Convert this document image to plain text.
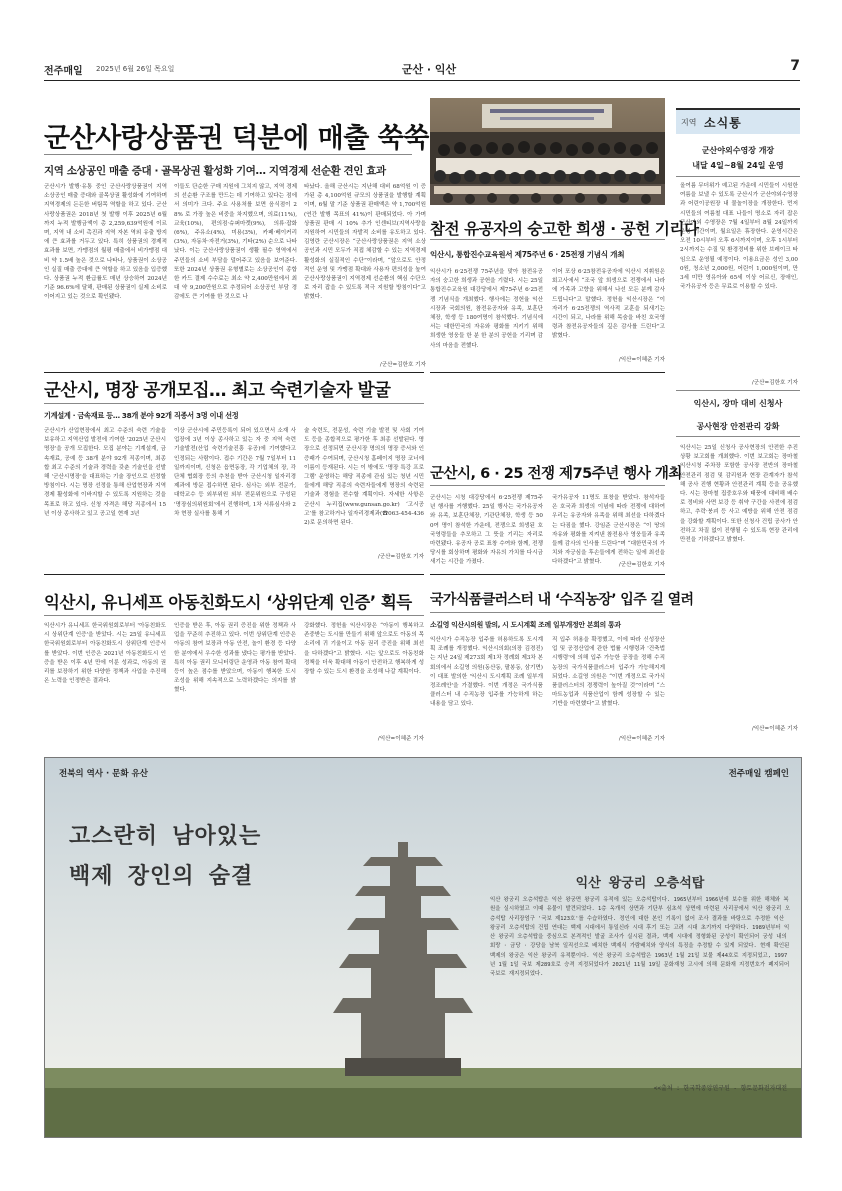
전주매일 2025년 6월 26일 목요일	군산 · 익산	7
군산사랑상품권 덕분에 매출 쑥쑥
지역 소상공인 매출 증대 · 골목상권 활성화 기여… 지역경제 선순환 견인 효과
군산시가 발행·유통 중인 군산사랑상품권이 지역 소상공인 매출 증대와 골목상권 활성화에 기여하며 지역경제의 든든한 버팀목 역할을 하고 있다. 군산사랑상품권은 2018년 첫 발행 이후 2025년 6월까지 누적 발행금액이 총 2,259,639억원에 이르며, 지역 내 소비 촉진과 지역 자본 역외 유출 방지에 큰 효과를 거두고 있다. 특히 상품권의 경제적 효과를 보면, 가맹점의 월평 매출에서 비가맹점 대비 약 1.5배 높은 것으로 나타나, 상품권이 소상공인 실질 매출 증대에 큰 역할을 하고 있음을 입증했다. 상품권 누적 환급률도 매년 상승하여 2024년 기준 96.6%에 달해, 판매된 상품권이 실제 소비로 이어지고 있는 것으로 확인됐다.
이들도 단순한 구매 지원에 그치지 않고, 지역 경제의 선순환 구조를 만드는 데 기여하고 있다는 점에서 의미가 크다. 주요 사용처를 보면 음식점이 28% 로 가장 높은 비중을 차지했으며, 의료(11%), 교육(10%), 편의점·슈퍼마켓(9%), 의류·잡화(6%), 주유소(4%), 미용(3%), 카페·베이커리(3%), 자동차·자전거(3%), 기타(2%) 순으로 나타났다. 이는 군산사랑상품권이 생활 필수 영역에서 주민들의 소비 부담을 덜어주고 있음을 보여준다. 또한 2024년 상품권 유형별로는 소상공인이 종합한 카드 결제 수수료는 최소 약 2,400만원에서 최대 약 9,200만원으로 추정되어 소상공인 부담 경감에도 큰 기여를 한 것으로 나
타났다. 올해 군산시는 지난해 대비 68억원 이 증가된 총 4,100억원 규모의 상품권을 발행할 계획이며, 6월 말 기준 상품권 판매액은 약 1,700억원(연간 발행 목표의 41%)이 판매되었다. 아 가며 상품권 판매 시 10% 추가 인센티브(지역사랑을 지원하여 시민들의 자발적 소비를 유도하고 있다. 김영란 군산시장은 “군산사랑상품권은 지역 소상공인과 시민 모두가 직접 체감할 수 있는 지역경제 활성화의 실질적인 수단”이라며, “앞으로도 안정적인 운영 및 가맹점 확대와 사용자 편의성을 높여 군산사랑상품권이 지역경제 선순환의 핵심 수단으로 자리 잡을 수 있도록 적극 지원할 방침이다”고 밝혔다.
/군산=김한호 기자
참전 유공자의 숭고한 희생 · 공헌 기리다
익산시, 통합진수교육원서 제75주년 6 · 25전쟁 기념식 개최
익산시가 6·25전쟁 75주년을 맞아 참전유공자의 숭고한 희생과 공헌을 기렸다. 시는 25일 통합진수교육원 대강당에서 제75주년 6·25전쟁 기념식을 개최했다. 행사에는 정헌율 익산시장과 국회의원, 참전유공자와 유족, 보훈단체장, 학생 등 180여명이 참석했다. 기념식에서는 대한민국의 자유와 평화를 지키기 위해 희생한 영웅들 한 분 한 분의 공헌을 기리며 감사의 마음을 전했다.
이어 포상 6·25참전유공자에 익산시 지휘원은 회고사에서 “조국 앞 희생으로 전쟁에서 나라에 가족과 고향을 위해서 나선 모든 분께 감사 드립니다”고 말했다. 정헌율 익산시장은 “이 자리가 6·25전쟁의 역사적 교훈을 되새기는 시간이 되고, 나라를 위해 목숨을 바친 호국영령과 참전유공자들의 깊은 감사를 드린다”고 밝혔다.
/익산=이혜준 기자
군산시, 명장 공개모집… 최고 숙련기술자 발굴
기계설계 · 금속재료 등… 38개 분야 92개 직종서 3명 이내 선정
군산시가 산업현장에서 최고 수준의 숙련 기술을 보유하고 지역산업 발전에 기여한 '2025년 군산시 명장'을 공개 모집한다. 모집 분야는 기계설계, 금속재료, 공예 등 38개 분야 92개 직종이며, 최종 합 최고 수준의 기술과 경력을 갖춘 기술인을 선발해 '군산시명장'을 대표하는 기술 장인으로 선정할 방침이다. 시는 명장 선정을 통해 산업현장과 지역경제 활성화에 이바지할 수 있도록 지원하는 것을 목표로 하고 있다. 신청 자격은 해당 직종에서 15년 이상 종사하고 있고 공고일 현재 3년
이상 군산시에 주민등록이 되어 있으면서 소재 사업장에 3년 이상 종사하고 있는 자 중 지역 숙련 기술발전(산업 숙련기술진흥 유공)에 기여했다고 인정되는 사람이다. 접수 기간은 7월 7일부터 11일까지이며, 신청은 읍면동장, 각 기업체의 장, 각 단체 협회장 등의 추천을 받아 군산시청 일자리경제과에 방문 접수하면 된다. 심사는 외부 전문가, 대학교수 등 외부위원 외부 전문위원으로 구성된 '명장심의위원회'에서 진행하며, 1차 서류심사와 2차 현장 실사를 통해 기
술 숙련도, 전문성, 숙련 기술 발전 및 사회 기여도 등을 종합적으로 평가한 후 최종 선발된다. 명장으로 선정되면 군산시장 명의의 명장 증서와 인증패가 수여되며, 군산시청 홈페이지 명장 코너에 이름이 등재된다. 시는 이 밖에도 '명장 특강 프로그램' 운영하는 해당 직종에 관심 있는 청년 시민들에게 해당 직종의 숙련자들에게 명장의 숙련된 기술과 경험을 전수할 계획이다. 자세한 사항은 군산시 누리집(www.gunsan.go.kr) ‘고시공고’를 참고하거나 일자리경제과(☎063-454-4362)로 문의하면 된다.
/군산=김한호 기자
군산시, 6 · 25 전쟁 제75주년 행사 개최
군산시는 시청 대강당에서 6·25전쟁 제75주년 행사를 거행했다. 25일 행사는 국가유공자와 유족, 보훈단체장, 기관단체장, 학생 등 500여 명이 참석한 가운데, 전쟁으로 희생된 호국영령들을 추모하고 그 뜻을 기리는 자리로 마련됐다. 유공자 공로 표창 수여와 함께, 전쟁 당시를 회상하며 평화와 자유의 가치를 다시금 새기는 시간을 가졌다.
국가유공자 11명도 표창을 받았다. 참석자들은 호국과 희생의 이념에 따라 전쟁에 대하여 우리는 유공자와 유족을 위해 최선을 다하겠다는 다짐을 했다. 강임준 군산시장은 “이 땅의 자유와 평화를 지켜낸 참전용사 영웅들과 유족들께 감사의 인사를 드린다”며 “대한민국의 가치와 자긍심을 후손들에게 전하는 일에 최선을 다하겠다”고 밝혔다.	/군산=김한호 기자
익산시, 유니세프 아동친화도시 ‘상위단계 인증’ 획득
익산시가 유니세프 한국위원회로부터 '아동친화도시 상위단계 인증'을 받았다. 시는 25일 유니세프 한국위원회로부터 아동친화도시 상위단계 인증서를 받았다. 이번 인증은 2021년 아동친화도시 인증을 받은 이후 4년 만에 이룬 성과로, 아동의 권리를 보장하기 위한 다양한 정책과 사업을 추진해 온 노력을 인정받은 결과다.
인증을 받은 후, 아동 권리 증진을 위한 정책과 사업을 꾸준히 추진하고 있다. 이번 상위단계 인증은 아동의 참여 보장과 아동 안전, 놀이 환경 등 다양한 분야에서 우수한 성과를 냈다는 평가를 받았다. 특히 아동 권리 모니터링단 운영과 아동 참여 확대 등이 높은 점수를 받았으며, 아동이 행복한 도시 조성을 위해 지속적으로 노력하겠다는 의지를 밝혔다.
강화했다. 정헌율 익산시장은 “아동이 행복하고 존중받는 도시를 만들기 위해 앞으로도 아동의 목소리에 귀 기울이고 아동 권리 증진을 위해 최선을 다하겠다”고 밝혔다. 시는 앞으로도 아동친화 정책을 더욱 확대해 아동이 안전하고 행복하게 성장할 수 있는 도시 환경을 조성해 나갈 계획이다.
/익산=이혜준 기자
국가식품클러스터 내 ‘수직농장’ 입주 길 열려
소길영 익산시의원 발의, 시 도시계획 조례 일부개정안 본회의 통과
익산시가 수직농장 입주를 허용하도록 도시계획 조례를 개정했다. 익산시의회(의장 김경진)는 지난 24일 제273회 제1차 정례회 제3차 본회의에서 소길영 의원(동산동, 팔봉동, 삼기면)이 대표 발의한 '익산시 도시계획 조례 일부개정조례안'을 가결했다. 이번 개정은 국가식품클러스터 내 수직농장 입주를 가능하게 하는 내용을 담고 있다.
직 입주 허용을 확정했고, 이에 따라 신성장산업 및 공정산업에 관한 법률 시행령과 '건축법 시행령'에 의해 입주 가능한 공장을 정해 수직농장의 국가식품클러스터 입주가 가능해지게 되었다. 소길영 의원은 “이번 개정으로 국가식품클러스터의 경쟁력이 높아질 것”이라며 “스마트농업과 식품산업이 함께 성장할 수 있는 기반을 마련했다”고 밝혔다.
/익산=이혜준 기자
지역 소식통
군산야외수영장 개장
내달 4일~8월 24일 운영
올여름 무더위가 예고된 가운데 시민들이 시원한 여름을 보낼 수 있도록 군산시가 군산야외수영장과 어린이공원장 내 물놀이장을 개장한다. 먼저 시민들의 여름철 대표 나들이 명소로 자리 잡은 군산야외 수영장은 7월 4일부터 8월 24일까지 운영 기간이며, 월요일은 휴장한다. 운영시간은 오전 10시부터 오후 6시까지이며, 오후 1시부터 2시까지는 수질 및 환경정비를 위한 브레이크 타임으로 운영될 예정이다. 이용요금은 성인 3,000원, 청소년 2,000원, 어린이 1,000원이며, 만 3세 미만 영유아와 65세 이상 어르신, 장애인, 국가유공자 등은 무료로 이용할 수 있다.
/군산=김한호 기자
익산시, 장마 대비 신청사
공사현장 안전관리 강화
익산시는 25일 신청사 공사현장의 안전한 추진상황 보고회를 개최했다. 이번 보고회는 장마철 익산시청 주차장 포함한 공사장 전반의 장마철 안전관리 점검 및 감리원과 현장 관계자가 참석해 공사 진행 현황과 안전관리 계획 등을 공유했다. 시는 장마철 집중호우와 태풍에 대비해 배수로 정비와 사면 보강 등 취약 구간을 사전에 점검하고, 추락·붕괴 등 사고 예방을 위해 안전 점검을 강화할 계획이다. 또한 신청사 건립 공사가 안전하고 차질 없이 진행될 수 있도록 현장 관리에 만전을 기하겠다고 밝혔다.
/익산=이혜준 기자
전북의 역사 · 문화 유산	전주매일 캠페인
고스란히 남아있는
백제 장인의 숨결	익산 왕궁리 오층석탑
익산 왕궁리 오층석탑은 익산 왕궁면 왕궁리 유적에 있는 오층석탑이다. 1965년부터 1966년에 보수를 위한 해체와 복원을 실시하였고 이때 유물이 발견되었다. 1층 옥개석 상면과 기단부 심초석 상면에 마련된 사리공에서 익산 왕궁리 오층석탑 사리장엄구 '국보 제123호'를 수습하였다. 정인에 대한 본인 기록이 없어 조사 결과를 바탕으로 추정한 익산 왕궁리 오층석탑의 건립 연대는 백제 시대에서 통일신라 시대 후기 또는 고려 시대 초기까지 다양하다. 1989년부터 익산 왕궁리 오층석탑을 중심으로 본격적인 발굴 조사가 실시된 결과, 백제 시대에 정형화된 궁성이 확인되어 궁성 내의 회랑 · 금당 · 강당을 남북 일직선으로 배치한 백제식 가람배치와 양식의 특징을 추정할 수 있게 되었다. 현재 확인된 백제의 왕궁은 익산 왕궁리 유적뿐이다. 익산 왕궁리 오층석탑은 1963년 1월 21일 보물 제44호로 지정되었고, 1997년 1월 1일 국보 제289호로 승격 지정되었다가 2021년 11월 19일 문화재청 고시에 의해 문화재 지정번호가 폐지되어 국보로 재지정되었다.
<<출처 : 한국학중앙연구원 - 향토문화전자대전
